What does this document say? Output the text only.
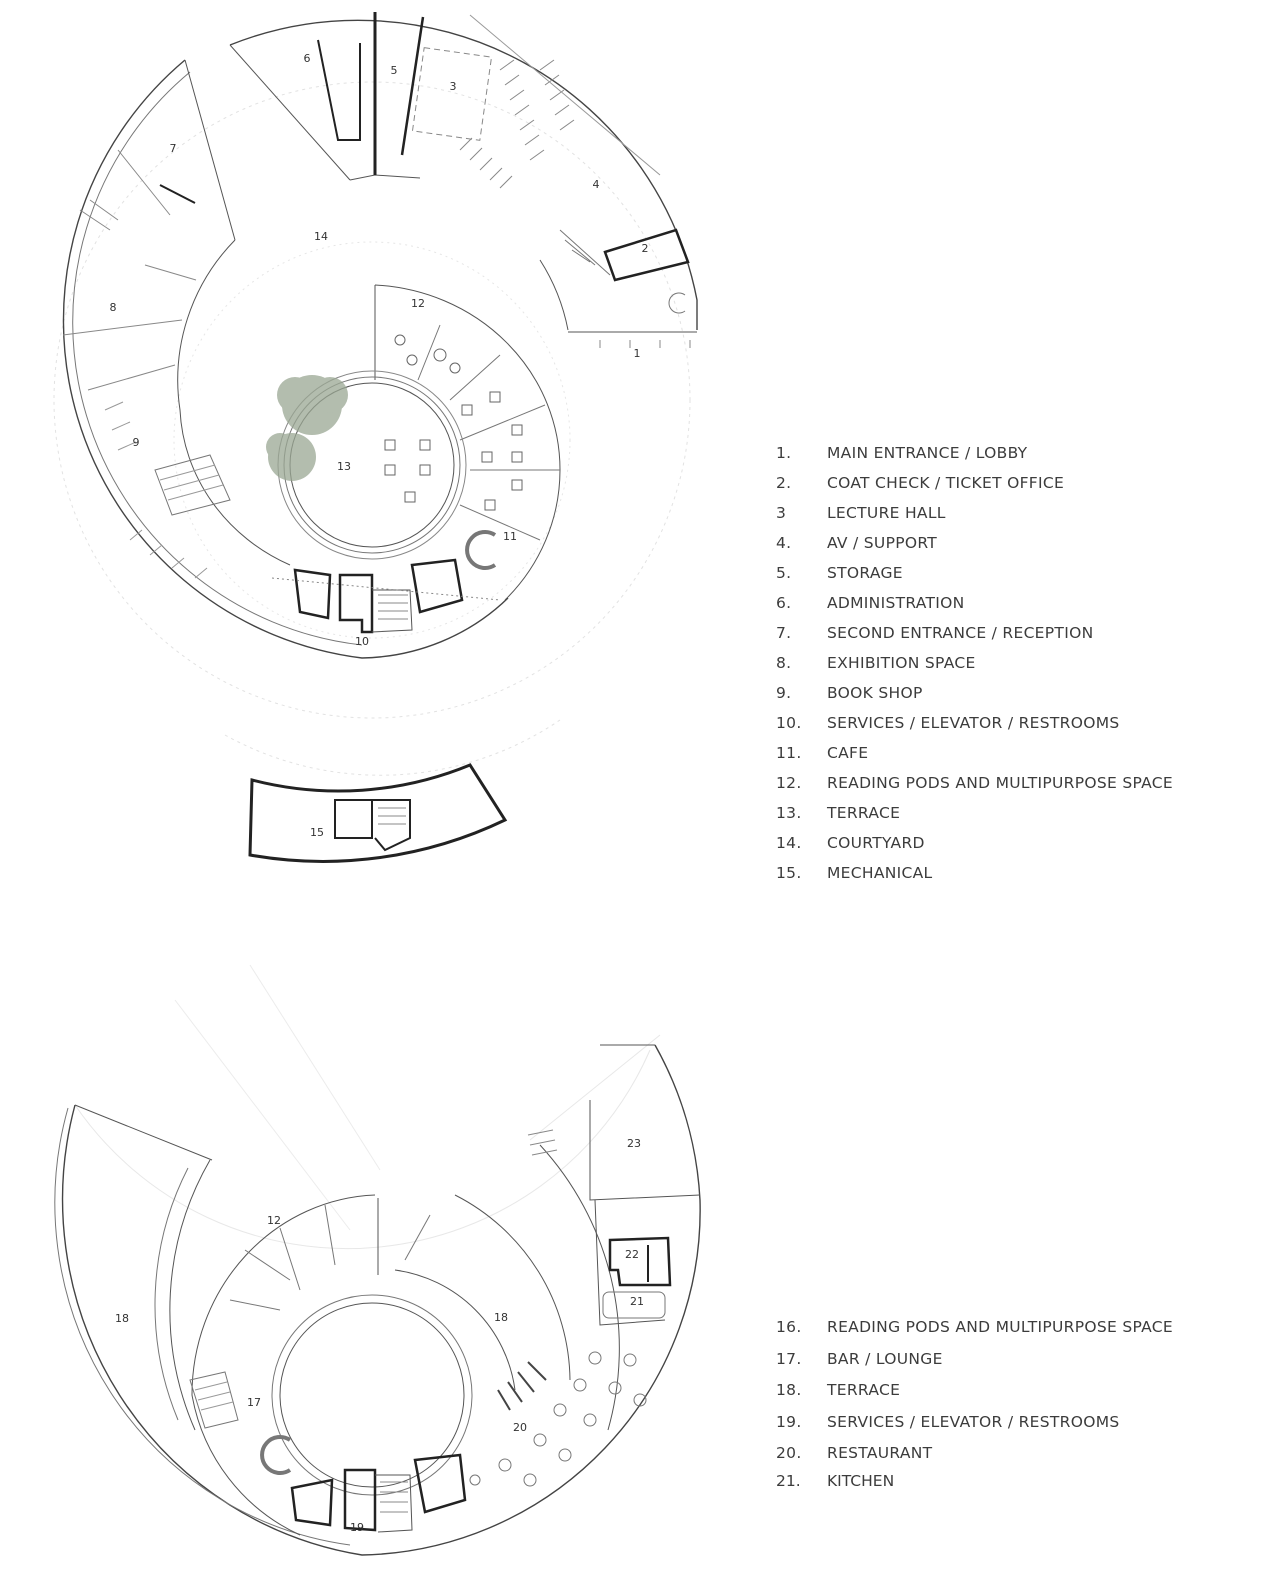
1
2
3
4
5
6
7
8
9
10
11
12
13
14
15
12
17
18	18
19
20
21
22
23
1.	MAIN ENTRANCE / LOBBY
2.	COAT CHECK / TICKET OFFICE
3	LECTURE HALL
4.	AV / SUPPORT
5.	STORAGE
6.	ADMINISTRATION
7.	SECOND ENTRANCE / RECEPTION
8.	EXHIBITION SPACE
9.	BOOK SHOP
10.	SERVICES / ELEVATOR / RESTROOMS
11.	CAFE
12.	READING PODS AND MULTIPURPOSE SPACE
13.	TERRACE
14.	COURTYARD
15.	MECHANICAL
16.	READING PODS AND MULTIPURPOSE SPACE
17.	BAR / LOUNGE
18.	TERRACE
19.	SERVICES / ELEVATOR / RESTROOMS
20.	RESTAURANT
21. KITCHEN
